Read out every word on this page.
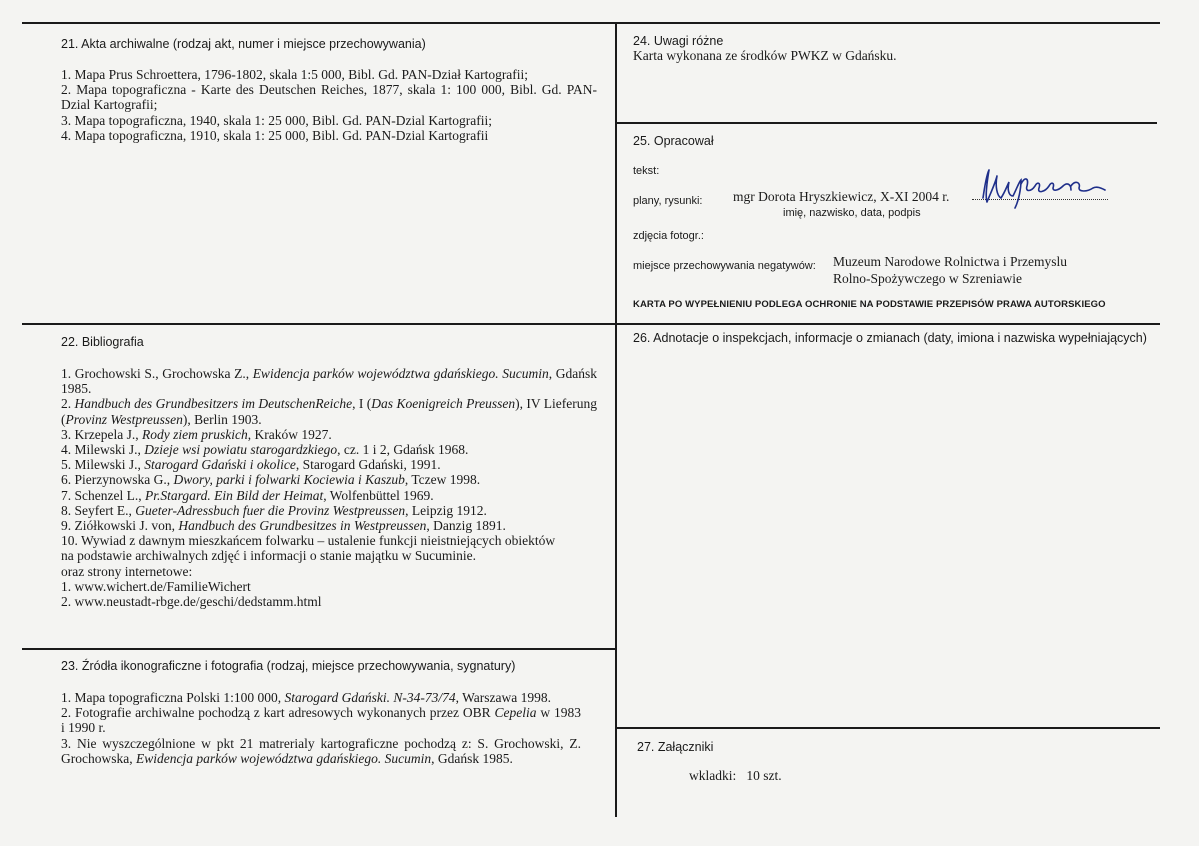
21. Akta archiwalne (rodzaj akt, numer i miejsce przechowywania)

1. Mapa Prus Schroettera, 1796-1802, skala 1:5 000, Bibl. Gd. PAN-Dział Kartografii;

2. Mapa topograficzna - Karte des Deutschen Reiches, 1877, skala 1: 100 000, Bibl. Gd. PAN-Dzial Kartografii;

3. Mapa topograficzna, 1940, skala 1: 25 000, Bibl. Gd. PAN-Dzial Kartografii;

4. Mapa topograficzna, 1910, skala 1: 25 000, Bibl. Gd. PAN-Dzial Kartografii

24. Uwagi różne
Karta wykonana ze środków PWKZ w Gdańsku.
25. Opracował
tekst:
plany, rysunki: mgr Dorota Hryszkiewicz, X-XI 2004 r.
imię, nazwisko, data, podpis
zdjęcia fotogr.:
miejsce przechowywania negatywów: Muzeum Narodowe Rolnictwa i Przemyslu
Rolno-Spożywczego w Szreniawie
KARTA PO WYPEŁNIENIU PODLEGA OCHRONIE NA PODSTAWIE PRZEPISÓW PRAWA AUTORSKIEGO
22. Bibliografia

1. Grochowski S., Grochowska Z., Ewidencja parków województwa gdańskiego. Sucumin, Gdańsk 1985.

2. Handbuch des Grundbesitzers im DeutschenReiche, I (Das Koenigreich Preussen), IV Lieferung (Provinz Westpreussen), Berlin 1903.

3. Krzepela J., Rody ziem pruskich, Kraków 1927.

4. Milewski J., Dzieje wsi powiatu starogardzkiego, cz. 1 i 2, Gdańsk 1968.

5. Milewski J., Starogard Gdański i okolice, Starogard Gdański, 1991.

6. Pierzynowska G., Dwory, parki i folwarki Kociewia i Kaszub, Tczew 1998.

7. Schenzel L., Pr.Stargard. Ein Bild der Heimat, Wolfenbüttel 1969.

8. Seyfert E., Gueter-Adressbuch fuer die Provinz Westpreussen, Leipzig 1912.

9. Ziółkowski J. von, Handbuch des Grundbesitzes in Westpreussen, Danzig 1891.

10. Wywiad z dawnym mieszkańcem folwarku – ustalenie funkcji nieistniejących obiektów

na podstawie archiwalnych zdjęć i informacji o stanie majątku w Sucuminie.

oraz strony internetowe:

1. www.wichert.de/FamilieWichert

2. www.neustadt-rbge.de/geschi/dedstamm.html

26. Adnotacje o inspekcjach, informacje o zmianach (daty, imiona i nazwiska wypełniających)
23. Źródła ikonograficzne i fotografia (rodzaj, miejsce przechowywania, sygnatury)

1. Mapa topograficzna Polski 1:100 000, Starogard Gdański. N-34-73/74, Warszawa 1998.

2. Fotografie archiwalne pochodzą z kart adresowych wykonanych przez OBR Cepelia w 1983 i 1990 r.

3. Nie wyszczególnione w pkt 21 matrerialy kartograficzne pochodzą z: S. Grochowski, Z. Grochowska, Ewidencja parków województwa gdańskiego. Sucumin, Gdańsk 1985.

27. Załączniki
wkladki:   10 szt.
